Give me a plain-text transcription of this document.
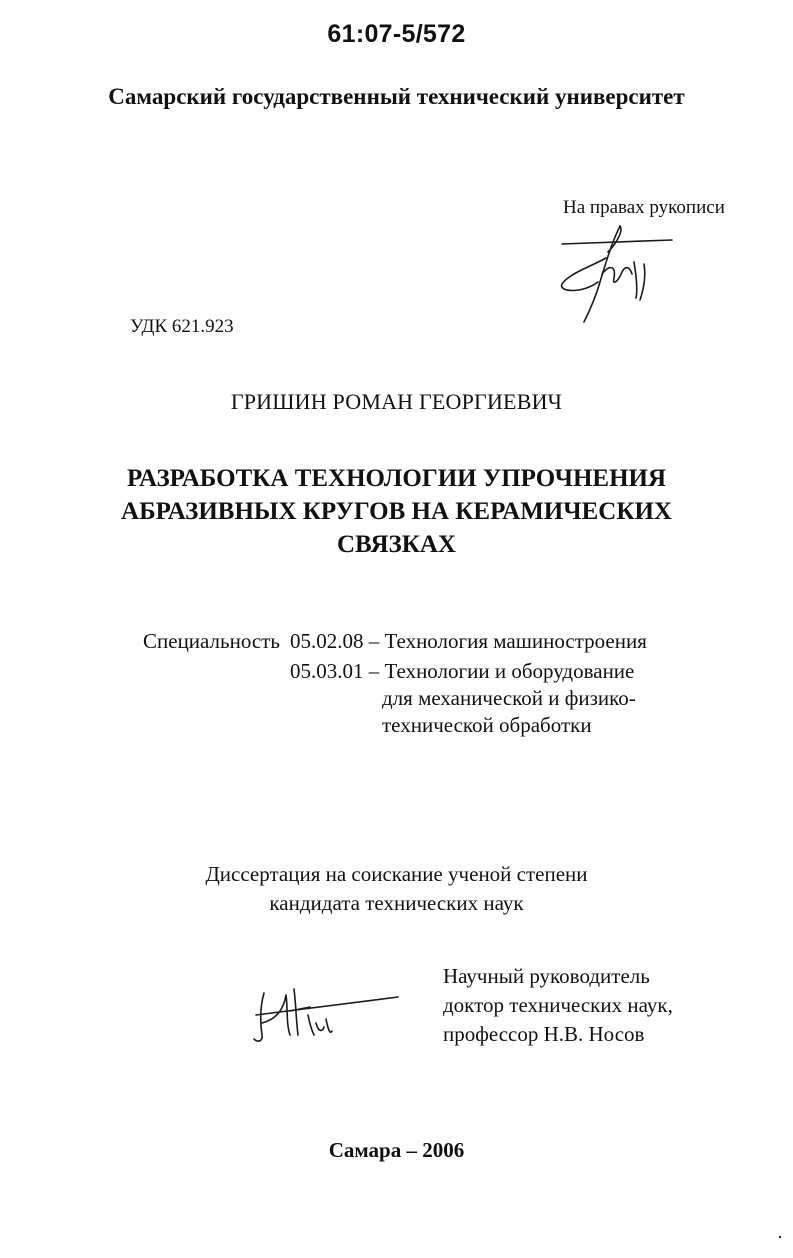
61:07-5/572
Самарский государственный технический университет
На правах рукописи
УДК 621.923
ГРИШИН РОМАН ГЕОРГИЕВИЧ
РАЗРАБОТКА ТЕХНОЛОГИИ УПРОЧНЕНИЯ
АБРАЗИВНЫХ КРУГОВ НА КЕРАМИЧЕСКИХ
СВЯЗКАХ
Специальность 05.02.08 – Технология машиностроения
05.03.01 – Технологии и оборудование
для механической и физико-
технической обработки
Диссертация на соискание ученой степени
кандидата технических наук
Научный руководитель
доктор технических наук,
профессор Н.В. Носов
Самара – 2006
